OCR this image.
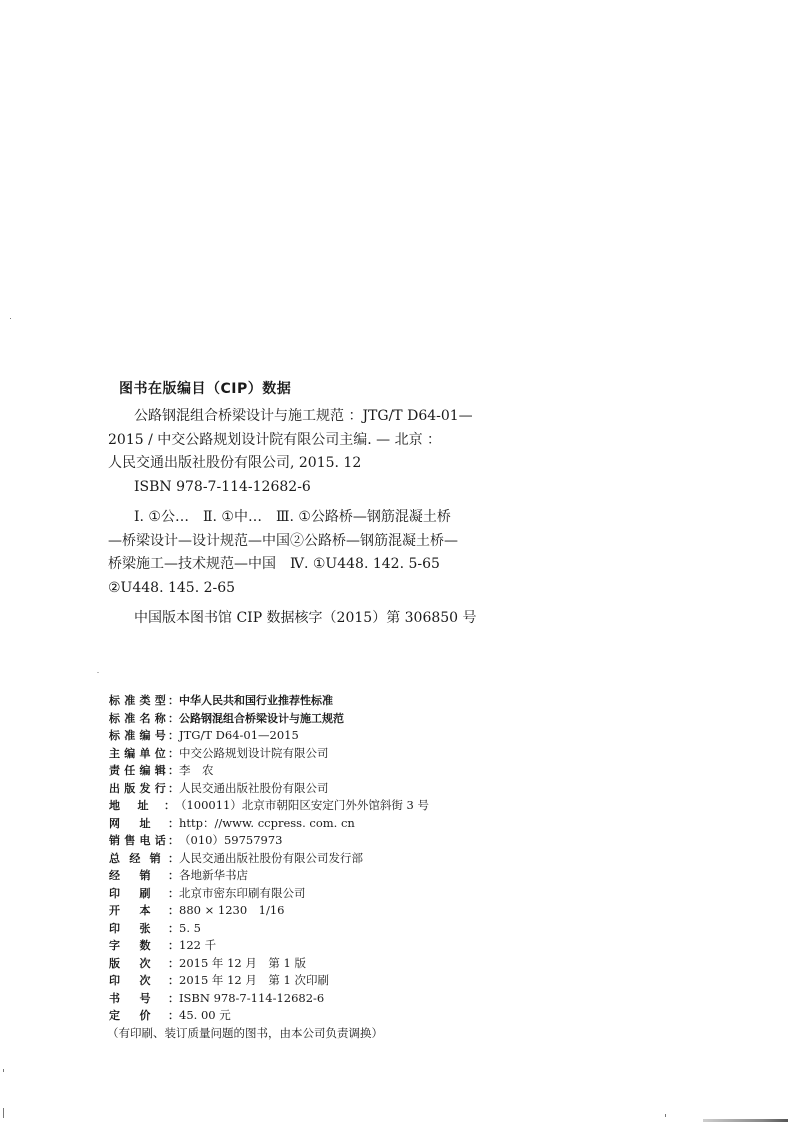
图书在版编目（CIP）数据

公路钢混组合桥梁设计与施工规范 ：JTG/T D64-01—

2015 / 中交公路规划设计院有限公司主编. — 北京 ：

人民交通出版社股份有限公司, 2015. 12

ISBN 978-7-114-12682-6

Ⅰ. ①公…　Ⅱ. ①中…　Ⅲ. ①公路桥—钢筋混凝土桥

—桥梁设计—设计规范—中国②公路桥—钢筋混凝土桥—

桥梁施工—技术规范—中国　Ⅳ. ①U448. 142. 5-65

②U448. 145. 2-65

中国版本图书馆 CIP 数据核字（2015）第 306850 号

标 准 类 型 ： 中华人民共和国行业推荐性标准
标 准 名 称 ： 公路钢混组合桥梁设计与施工规范
标 准 编 号 ： JTG/T D64-01—2015
主 编 单 位 ： 中交公路规划设计院有限公司
责 任 编 辑 ： 李　农
出 版 发 行 ： 人民交通出版社股份有限公司
地 址 ： （100011）北京市朝阳区安定门外外馆斜街 3 号
网 址 ： http：//www. ccpress. com. cn
销 售 电 话 ： （010）59757973
总 经 销 ： 人民交通出版社股份有限公司发行部
经 销 ： 各地新华书店
印 刷 ： 北京市密东印刷有限公司
开 本 ： 880 × 1230　1/16
印 张 ： 5. 5
字 数 ： 122 千
版 次 ： 2015 年 12 月　第 1 版
印 次 ： 2015 年 12 月　第 1 次印刷
书 号 ： ISBN 978-7-114-12682-6
定 价 ： 45. 00 元
（有印刷、装订质量问题的图书，由本公司负责调换）
